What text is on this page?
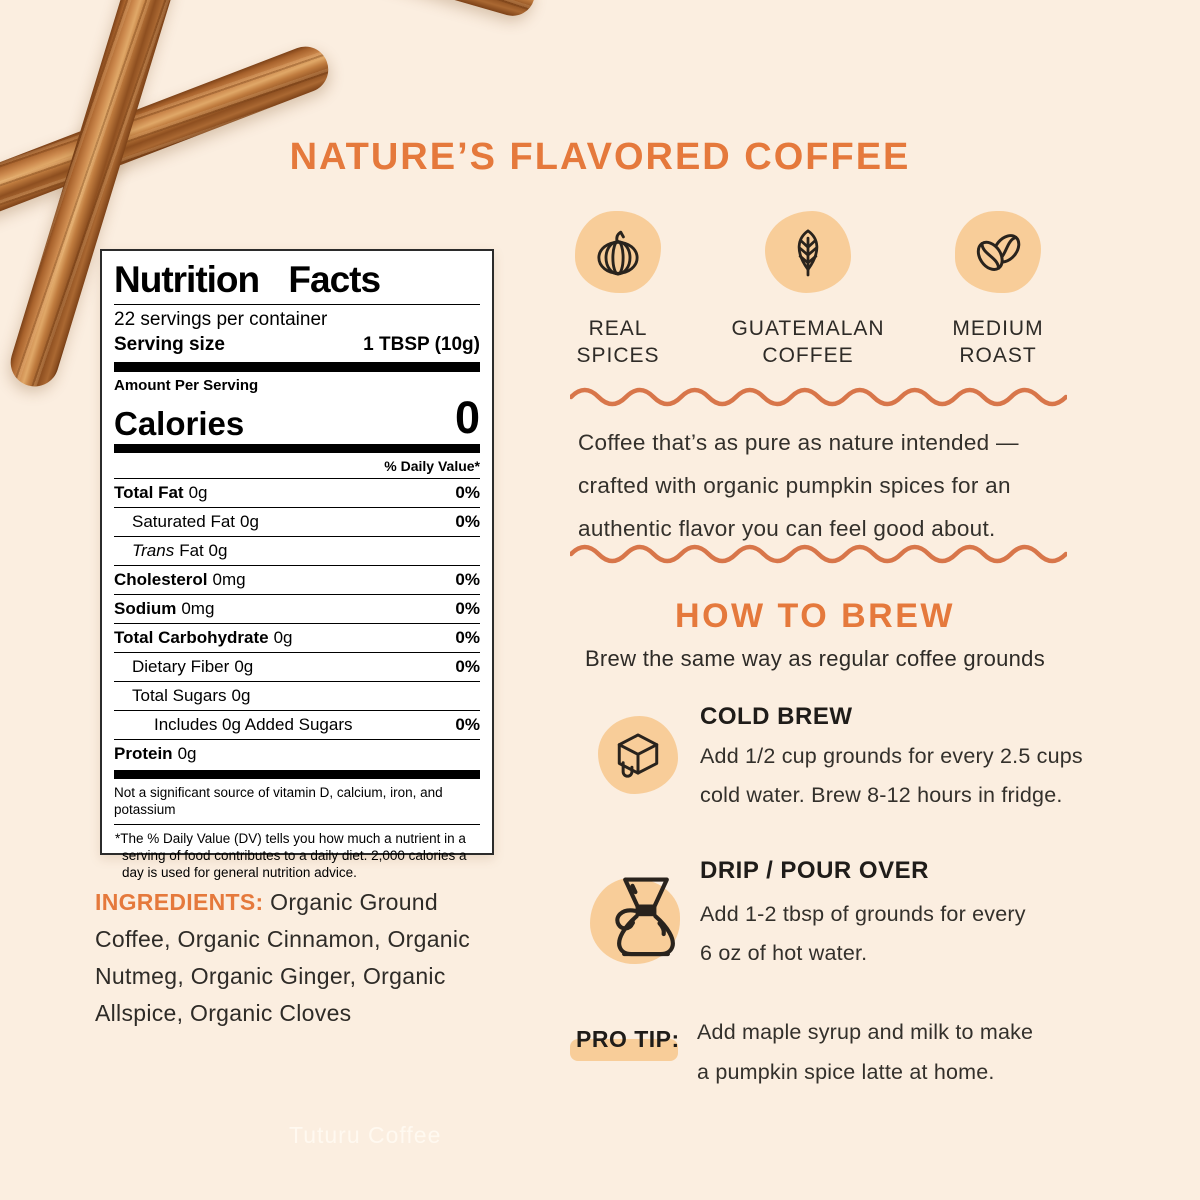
NATURE’S FLAVORED COFFEE
Nutrition Facts
22 servings per container
Serving size	1 TBSP (10g)
Amount Per Serving
Calories	0
% Daily Value*
Total Fat 0g	0%
Saturated Fat 0g	0%
Trans Fat 0g
Cholesterol 0mg	0%
Sodium 0mg	0%
Total Carbohydrate 0g	0%
Dietary Fiber 0g	0%
Total Sugars 0g
Includes 0g Added Sugars	0%
Protein 0g
Not a significant source of vitamin D, calcium, iron, and potassium
*The % Daily Value (DV) tells you how much a nutrient in a serving of food contributes to a daily diet. 2,000 calories a day is used for general nutrition advice.

INGREDIENTS: Organic Ground Coffee, Organic Cinnamon, Organic Nutmeg, Organic Ginger, Organic Allspice, Organic Cloves

REAL
SPICES
GUATEMALAN
COFFEE
MEDIUM
ROAST
Coffee that’s as pure as nature intended —
crafted with organic pumpkin spices for an
authentic flavor you can feel good about.
HOW TO BREW
Brew the same way as regular coffee grounds
COLD BREW
Add 1/2 cup grounds for every 2.5 cups
cold water. Brew 8-12 hours in fridge.
DRIP / POUR OVER
Add 1-2 tbsp of grounds for every
6 oz of hot water.
PRO TIP: Add maple syrup and milk to make
a pumpkin spice latte at home.
Tuturu Coffee
